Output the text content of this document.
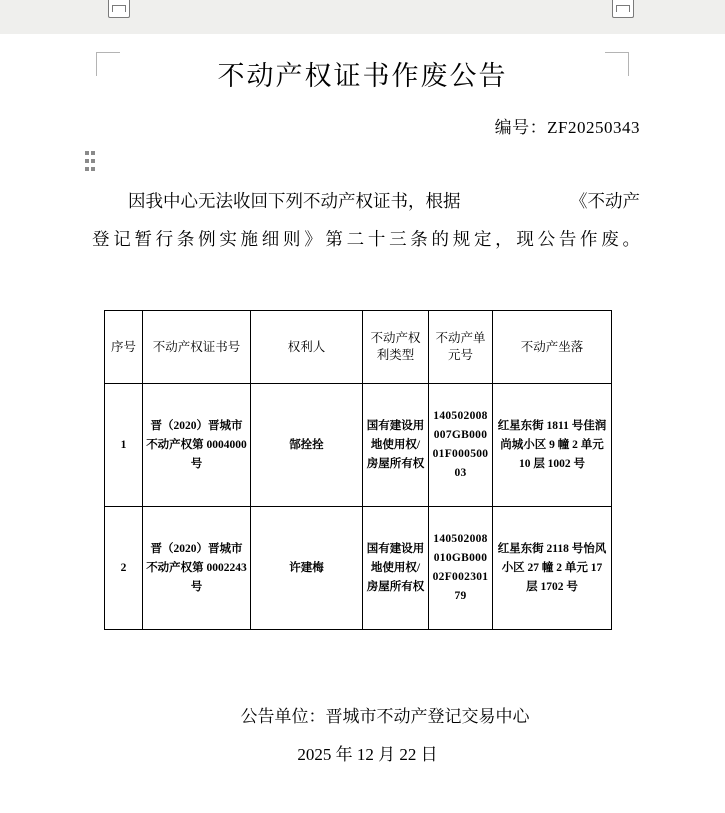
不动产权证书作废公告
编号：ZF20250343
因我中心无法收回下列不动产权证书，根据	《不动产
登记暂行条例实施细则》第二十三条的规定，现公告作废。
序号	不动产权证书号	权利人	不动产权利类型	不动产单元号	不动产坐落
1	晋（2020）晋城市不动产权第 0004000 号	郜拴拴	国有建设用地使用权/房屋所有权	140502008007GB00001F00050003	红星东街 1811 号佳润尚城小区 9 幢 2 单元 10 层 1002 号
2	晋（2020）晋城市不动产权第 0002243 号	许建梅	国有建设用地使用权/房屋所有权	140502008010GB00002F00230179	红星东街 2118 号怡风小区 27 幢 2 单元 17 层 1702 号
公告单位：晋城市不动产登记交易中心
2025 年 12 月 22 日
